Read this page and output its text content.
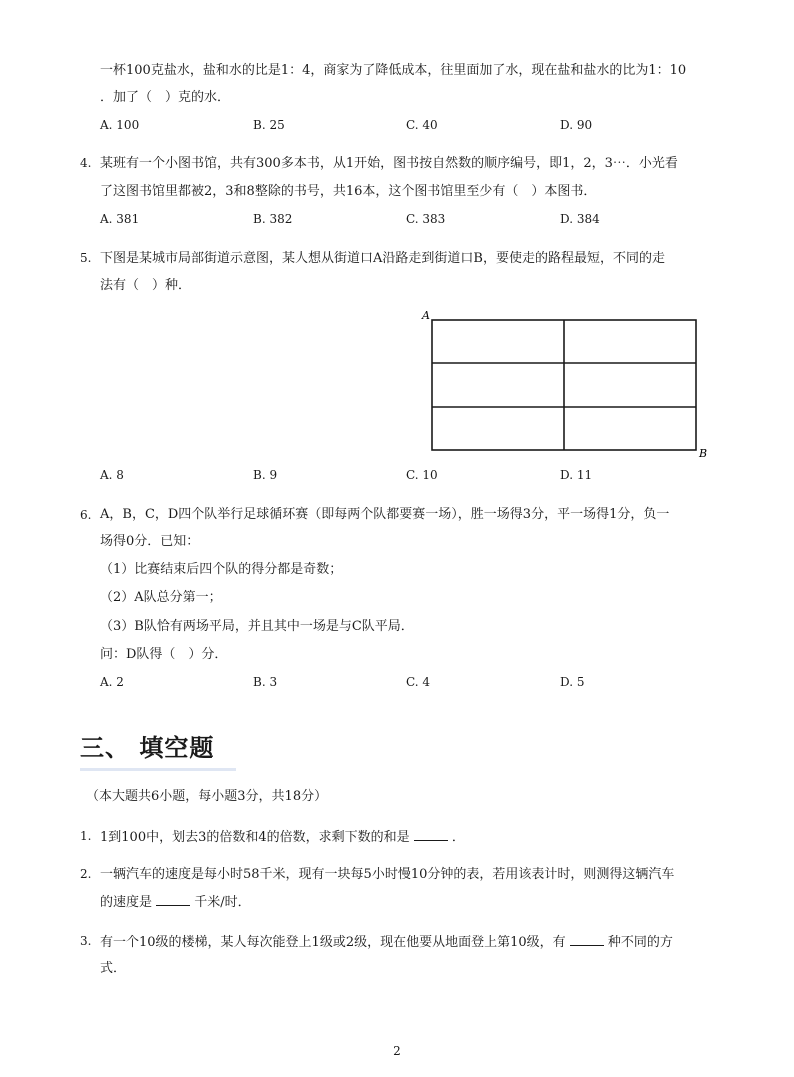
一杯100克盐水，盐和水的比是1：4，商家为了降低成本，往里面加了水，现在盐和盐水的比为1：10
．加了（　）克的水．
A. 100	B. 25	C. 40	D. 90
4. 某班有一个小图书馆，共有300多本书，从1开始，图书按自然数的顺序编号，即1，2，3⋯．小光看
了这图书馆里都被2，3和8整除的书号，共16本，这个图书馆里至少有（　）本图书．
A. 381	B. 382	C. 383	D. 384
5. 下图是某城市局部街道示意图，某人想从街道口A沿路走到街道口B，要使走的路程最短，不同的走
法有（　）种．
A
B
A. 8	B. 9	C. 10	D. 11
6. A，B，C，D四个队举行足球循环赛（即每两个队都要赛一场），胜一场得3分，平一场得1分，负一
场得0分．已知：
（1）比赛结束后四个队的得分都是奇数；
（2）A队总分第一；
（3）B队恰有两场平局，并且其中一场是与C队平局．
问：D队得（　）分．
A. 2	B. 3	C. 4	D. 5
三、 填空题
（本大题共6小题，每小题3分，共18分）
1. 1到100中，划去3的倍数和4的倍数，求剩下数的和是	．
2. 一辆汽车的速度是每小时58千米，现有一块每5小时慢10分钟的表，若用该表计时，则测得这辆汽车
的速度是	千米/时．
3. 有一个10级的楼梯，某人每次能登上1级或2级，现在他要从地面登上第10级，有	种不同的方
式．
2
